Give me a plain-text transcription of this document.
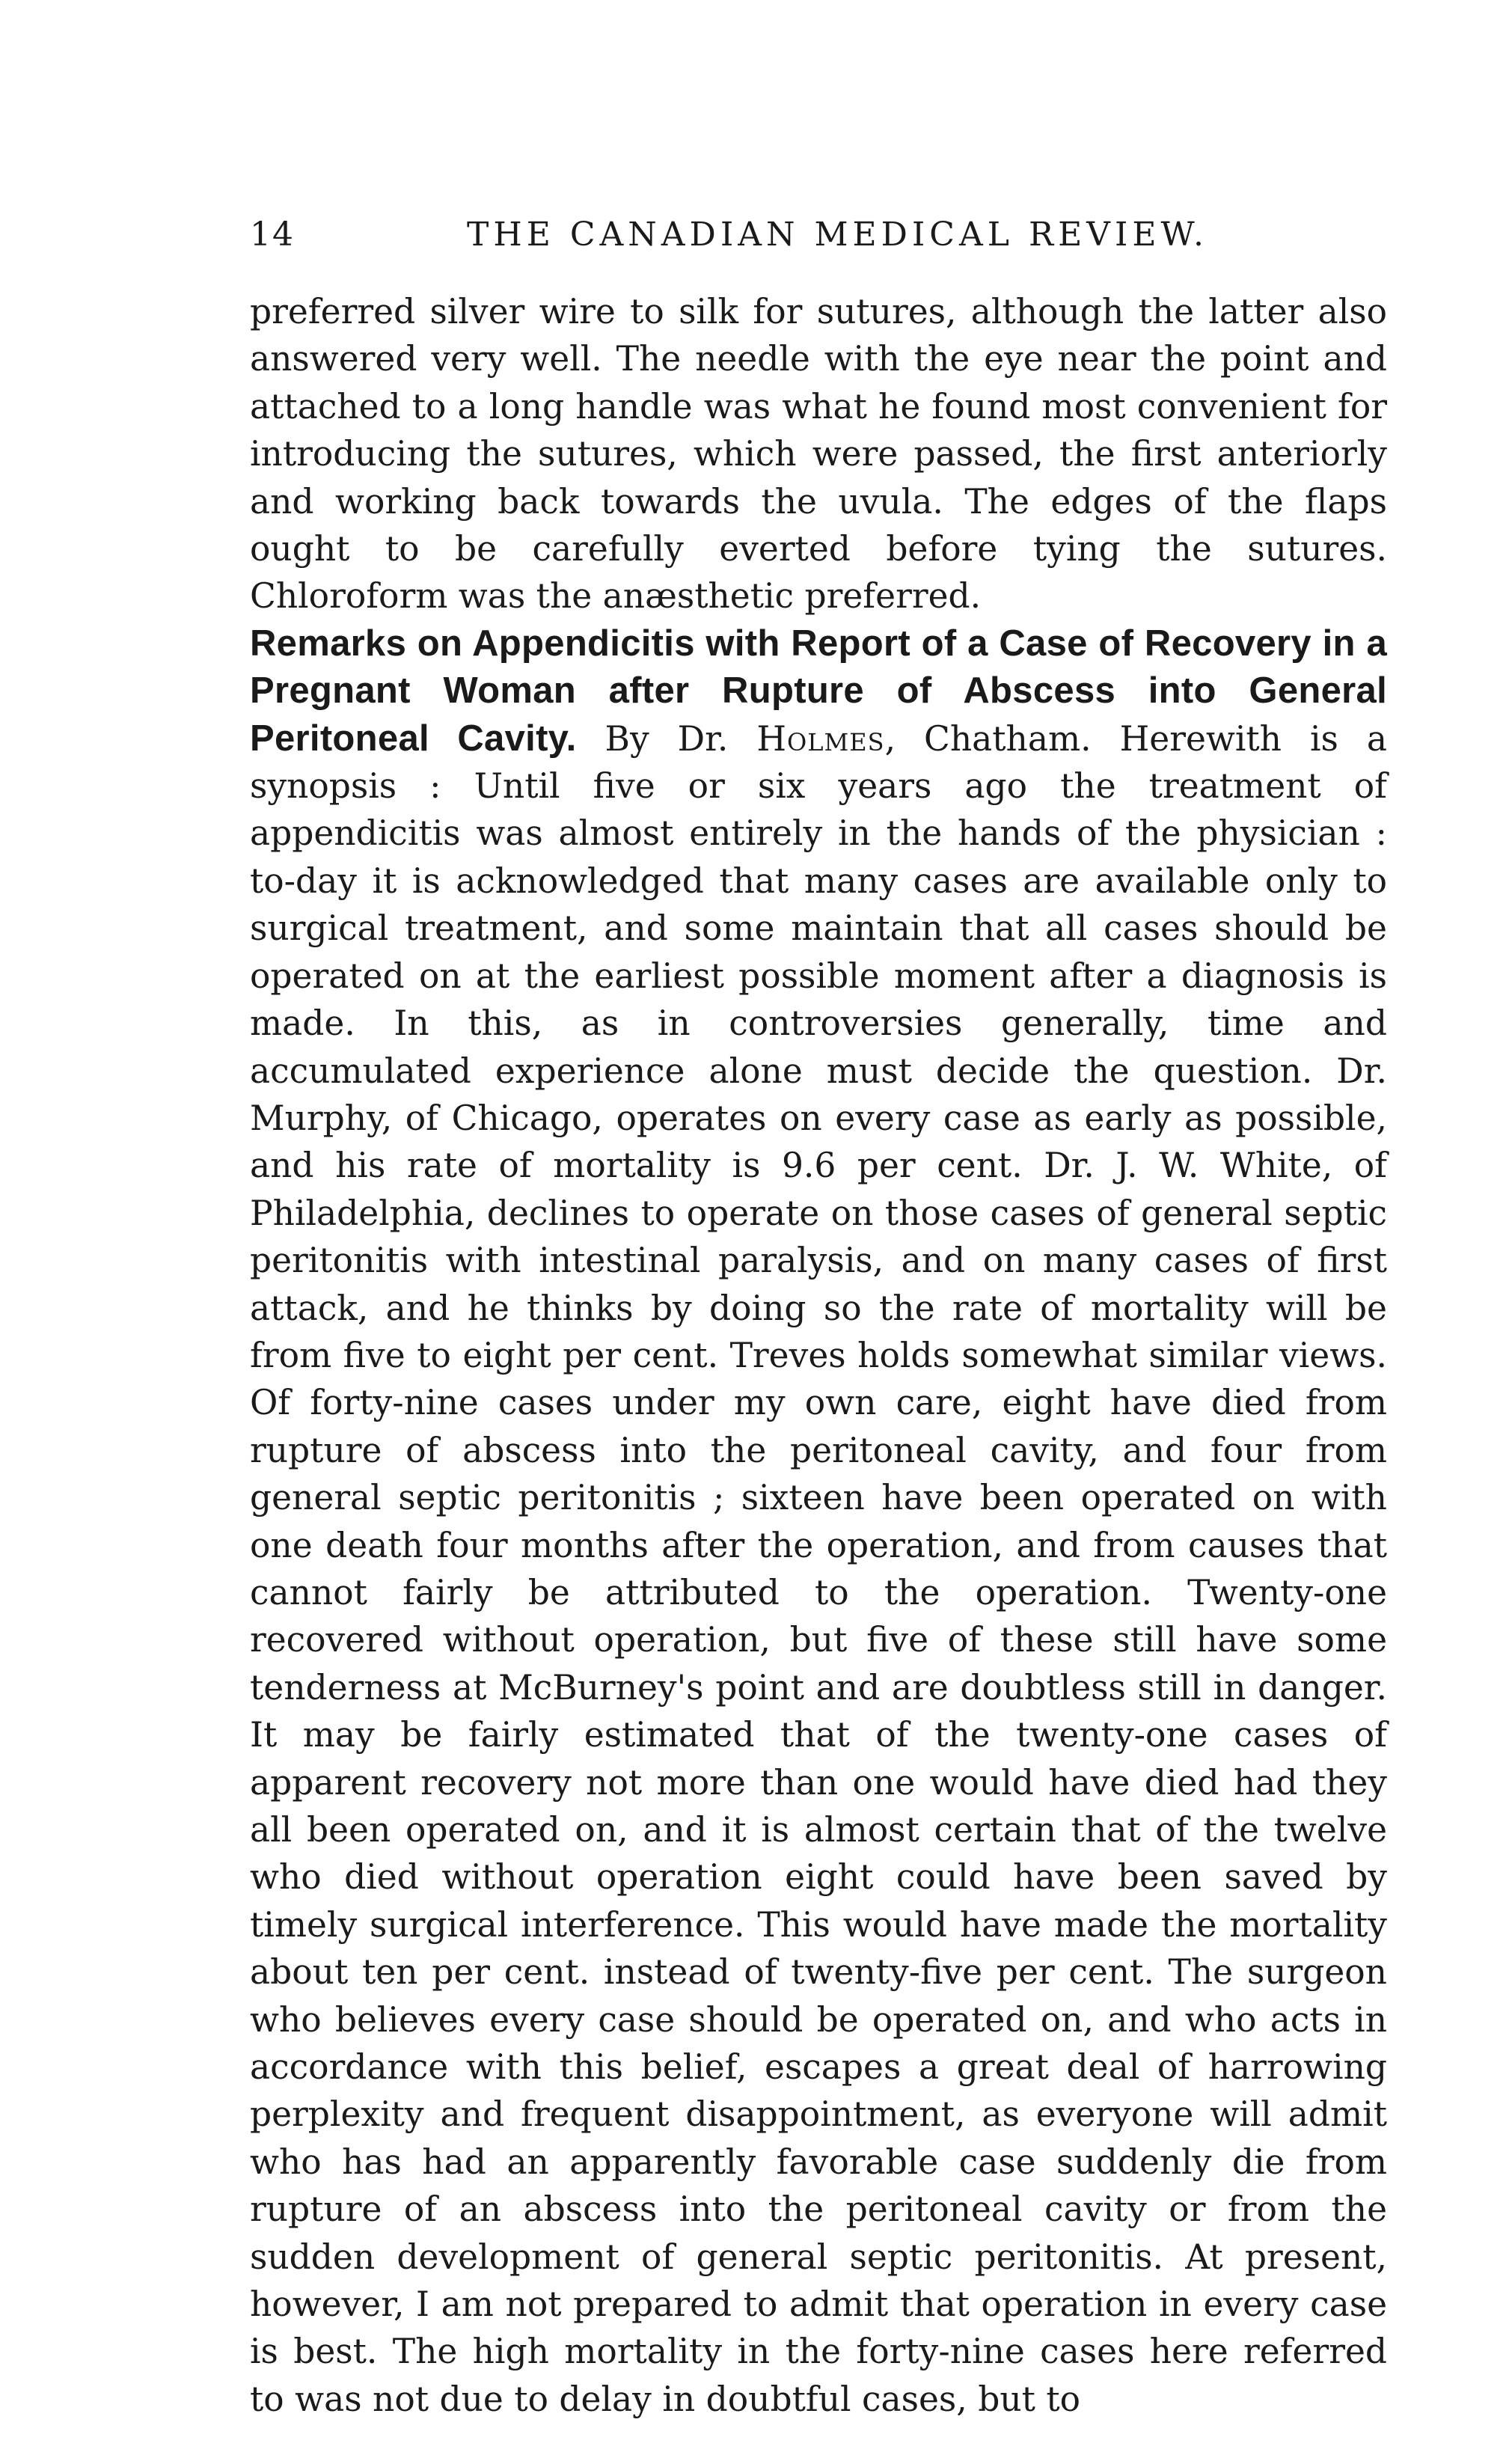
14	THE CANADIAN MEDICAL REVIEW.

preferred silver wire to silk for sutures, although the latter also answered very well. The needle with the eye near the point and attached to a long handle was what he found most convenient for introducing the sutures, which were passed, the first anteriorly and working back towards the uvula. The edges of the flaps ought to be carefully everted before tying the sutures. Chloroform was the anæsthetic preferred.

Remarks on Appendicitis with Report of a Case of Recovery in a Pregnant Woman after Rupture of Abscess into General Peritoneal Cavity. By Dr. Holmes, Chatham. Herewith is a synopsis : Until five or six years ago the treatment of appendicitis was almost entirely in the hands of the physician : to-day it is acknowledged that many cases are available only to surgical treatment, and some maintain that all cases should be operated on at the earliest possible moment after a diagnosis is made. In this, as in controversies generally, time and accumulated experience alone must decide the question. Dr. Murphy, of Chicago, operates on every case as early as possible, and his rate of mortality is 9.6 per cent. Dr. J. W. White, of Philadelphia, declines to operate on those cases of general septic peritonitis with intestinal paralysis, and on many cases of first attack, and he thinks by doing so the rate of mortality will be from five to eight per cent. Treves holds somewhat similar views. Of forty-nine cases under my own care, eight have died from rupture of abscess into the peritoneal cavity, and four from general septic peritonitis ; sixteen have been operated on with one death four months after the operation, and from causes that cannot fairly be attributed to the operation. Twenty-one recovered without operation, but five of these still have some tenderness at McBurney's point and are doubtless still in danger. It may be fairly estimated that of the twenty-one cases of apparent recovery not more than one would have died had they all been operated on, and it is almost certain that of the twelve who died without operation eight could have been saved by timely surgical interference. This would have made the mortality about ten per cent. instead of twenty-five per cent. The surgeon who believes every case should be operated on, and who acts in accordance with this belief, escapes a great deal of harrowing perplexity and frequent disappointment, as everyone will admit who has had an apparently favorable case suddenly die from rupture of an abscess into the peritoneal cavity or from the sudden development of general septic peritonitis. At present, however, I am not prepared to admit that operation in every case is best. The high mortality in the forty-nine cases here referred to was not due to delay in doubtful cases, but to
